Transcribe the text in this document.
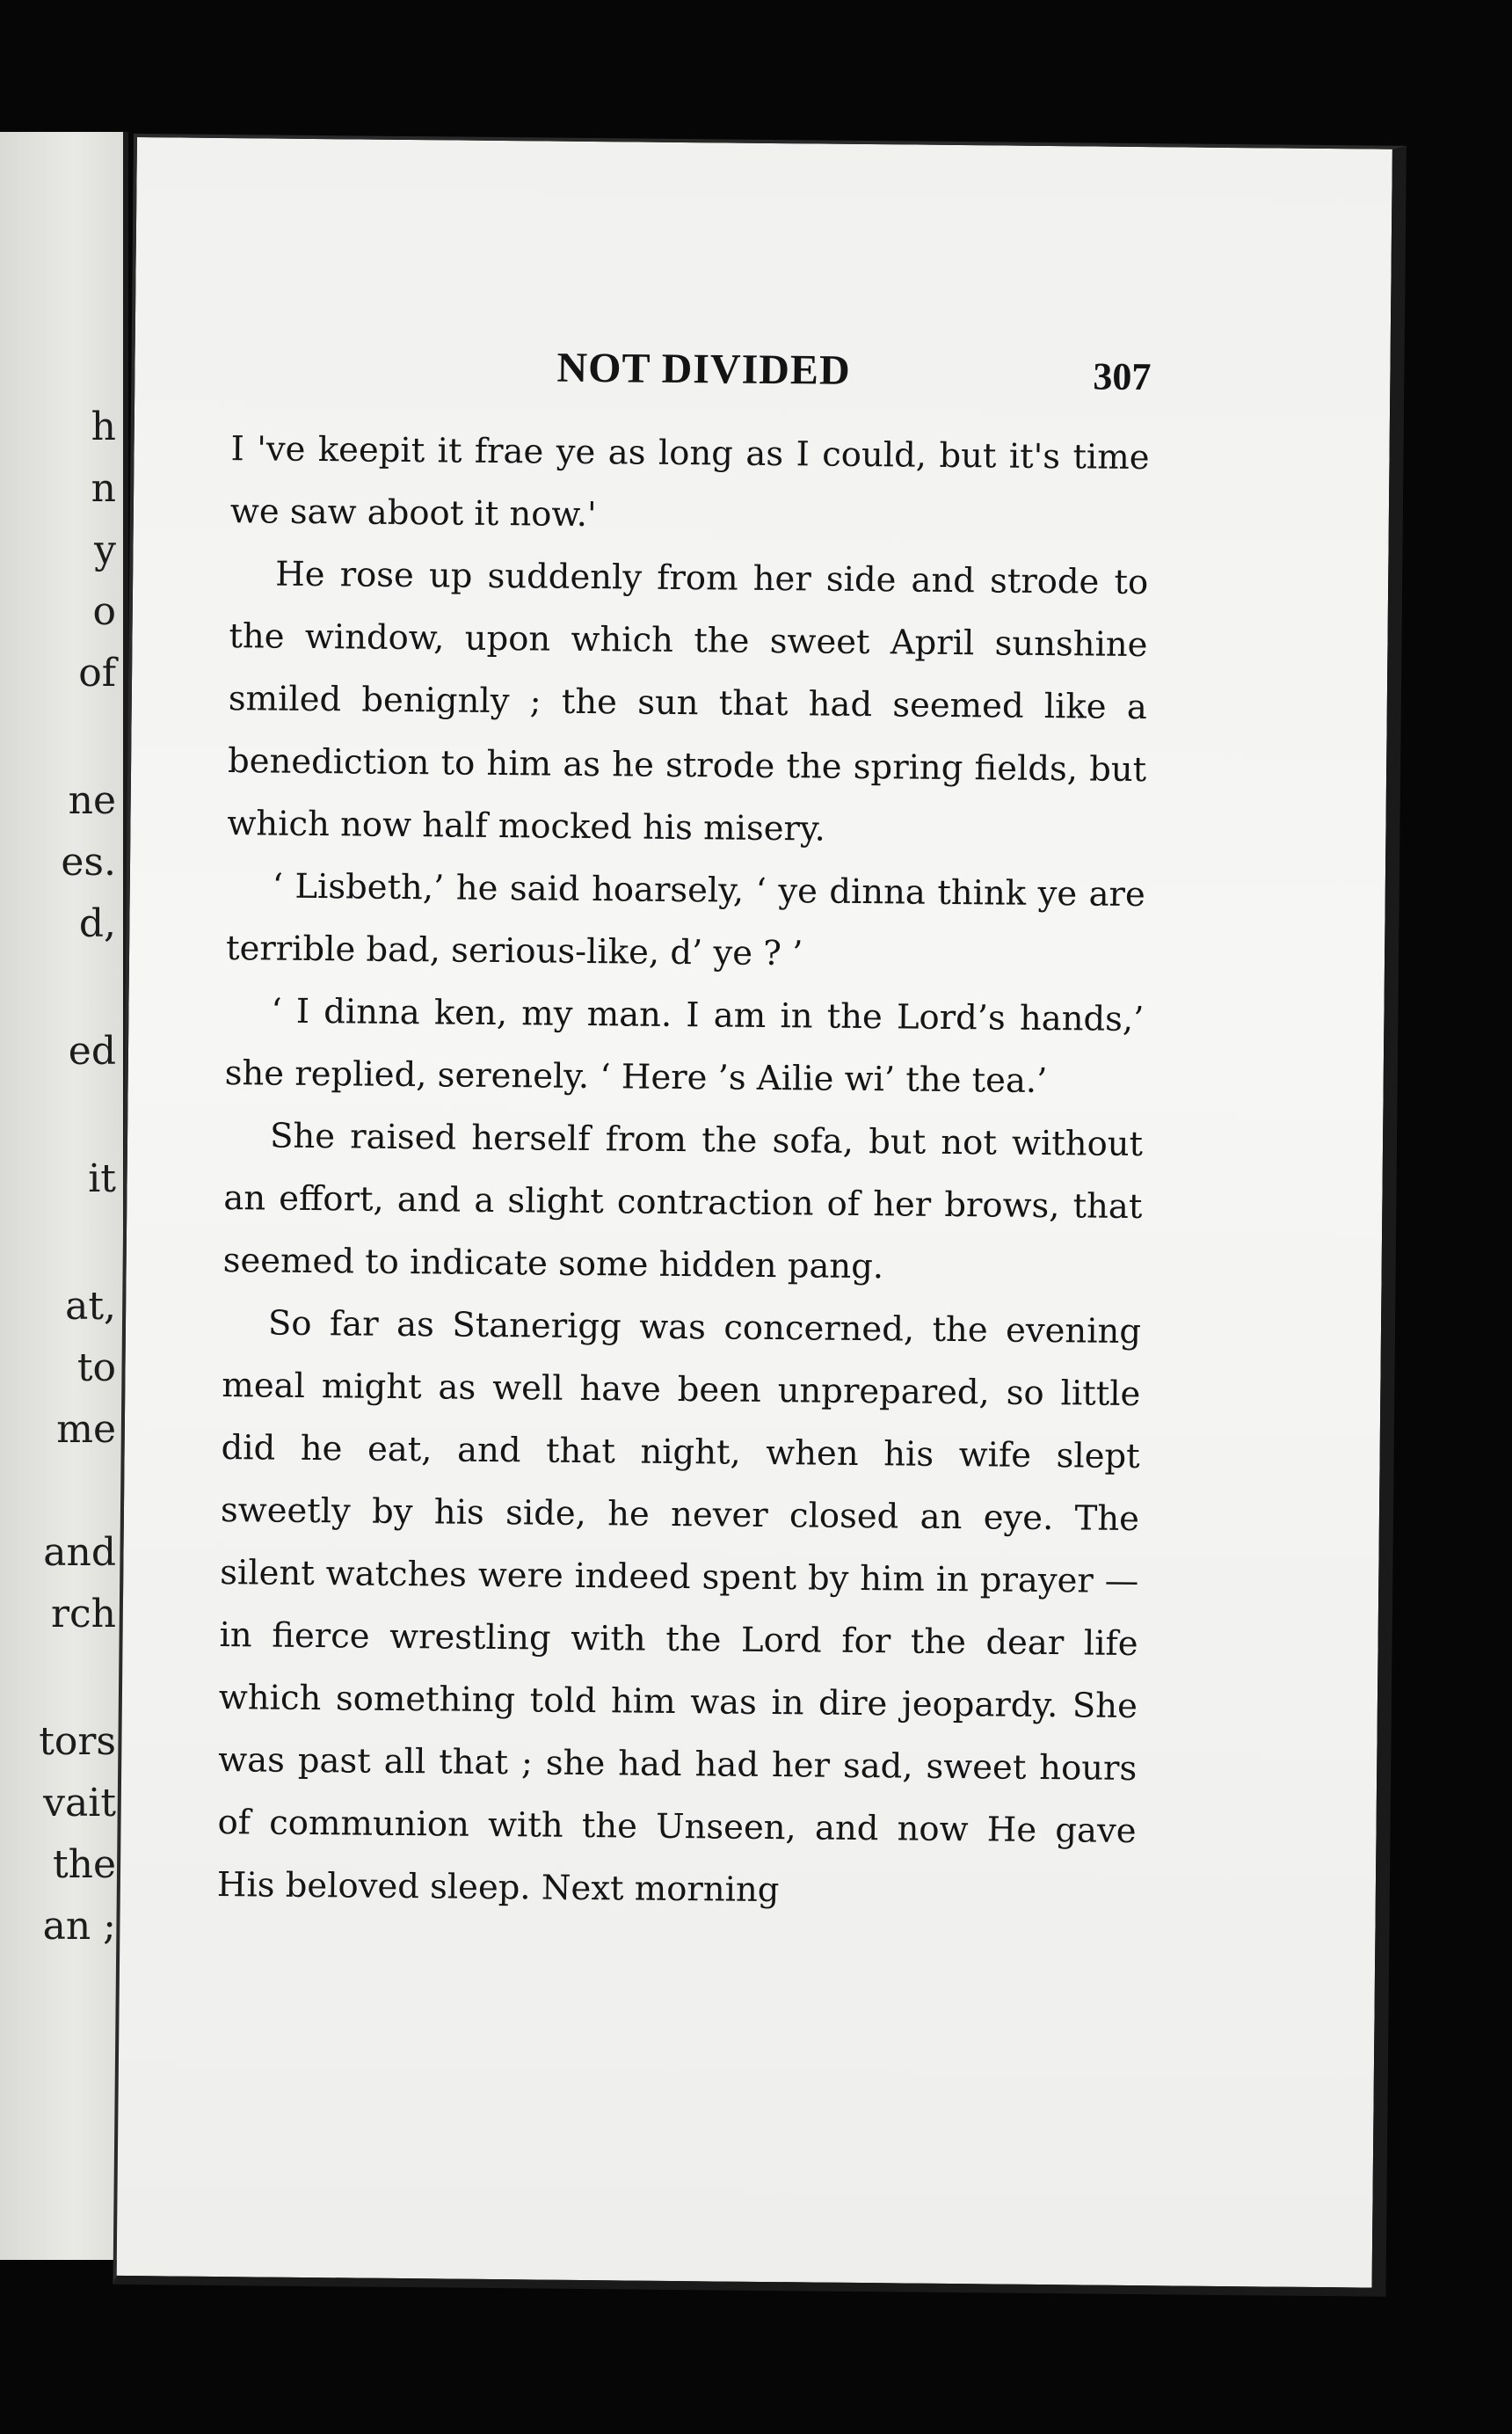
h
n
y
o
of
ne
es.
d,
ed
it
at,
to
me
and
rch
tors
vait
the
an ;
NOT DIVIDED	307

I 've keepit it frae ye as long as I could, but it's time we saw aboot it now.'

He rose up suddenly from her side and strode to the window, upon which the sweet April sunshine smiled benignly ; the sun that had seemed like a benediction to him as he strode the spring fields, but which now half mocked his misery.

‘ Lisbeth,’ he said hoarsely, ‘ ye dinna think ye are terrible bad, serious-like, d’ ye ? ’

‘ I dinna ken, my man. I am in the Lord’s hands,’ she replied, serenely. ‘ Here ’s Ailie wi’ the tea.’

She raised herself from the sofa, but not without an effort, and a slight contraction of her brows, that seemed to indicate some hidden pang.

So far as Stanerigg was concerned, the evening meal might as well have been unprepared, so little did he eat, and that night, when his wife slept sweetly by his side, he never closed an eye. The silent watches were indeed spent by him in prayer —in fierce wrestling with the Lord for the dear life which something told him was in dire jeopardy. She was past all that ; she had had her sad, sweet hours of communion with the Unseen, and now He gave His beloved sleep. Next morning
